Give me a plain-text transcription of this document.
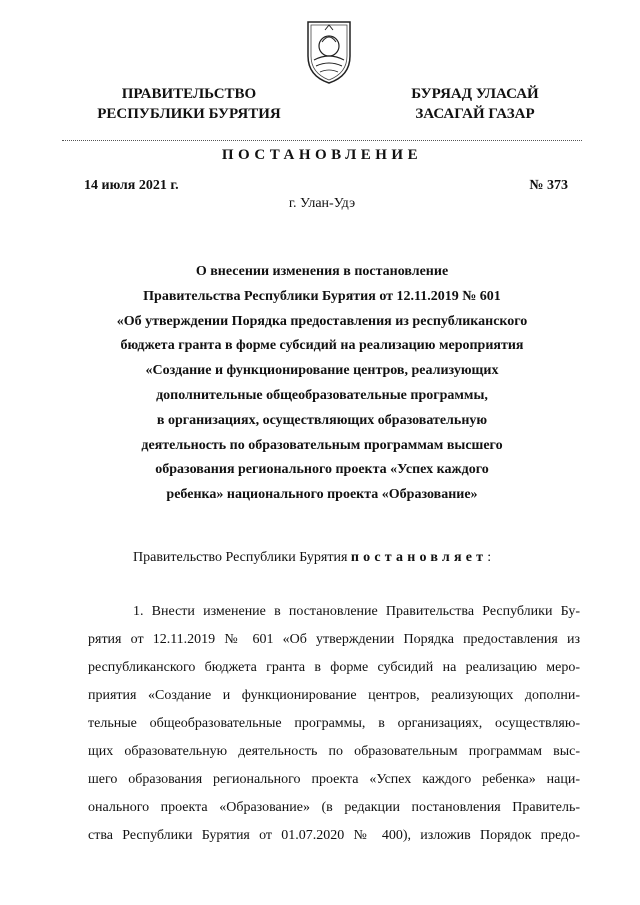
ПРАВИТЕЛЬСТВО
РЕСПУБЛИКИ БУРЯТИЯ
БУРЯАД УЛАСАЙ
ЗАСАГАЙ ГАЗАР
ПОСТАНОВЛЕНИЕ
14 июля 2021 г.	№ 373
г. Улан-Удэ
О внесении изменения в постановление
Правительства Республики Бурятия от 12.11.2019 № 601
«Об утверждении Порядка предоставления из республиканского
бюджета гранта в форме субсидий на реализацию мероприятия
«Создание и функционирование центров, реализующих
дополнительные общеобразовательные программы,
в организациях, осуществляющих образовательную
деятельность по образовательным программам высшего
образования регионального проекта «Успех каждого
ребенка» национального проекта «Образование»
Правительство Республики Бурятия постановляет:
1. Внести изменение в постановление Правительства Республики Бу-
рятия от 12.11.2019 № 601 «Об утверждении Порядка предоставления из
республиканского бюджета гранта в форме субсидий на реализацию меро-
приятия «Создание и функционирование центров, реализующих дополни-
тельные общеобразовательные программы, в организациях, осуществляю-
щих образовательную деятельность по образовательным программам выс-
шего образования регионального проекта «Успех каждого ребенка» наци-
онального проекта «Образование» (в редакции постановления Правитель-
ства Республики Бурятия от 01.07.2020 № 400), изложив Порядок предо-
